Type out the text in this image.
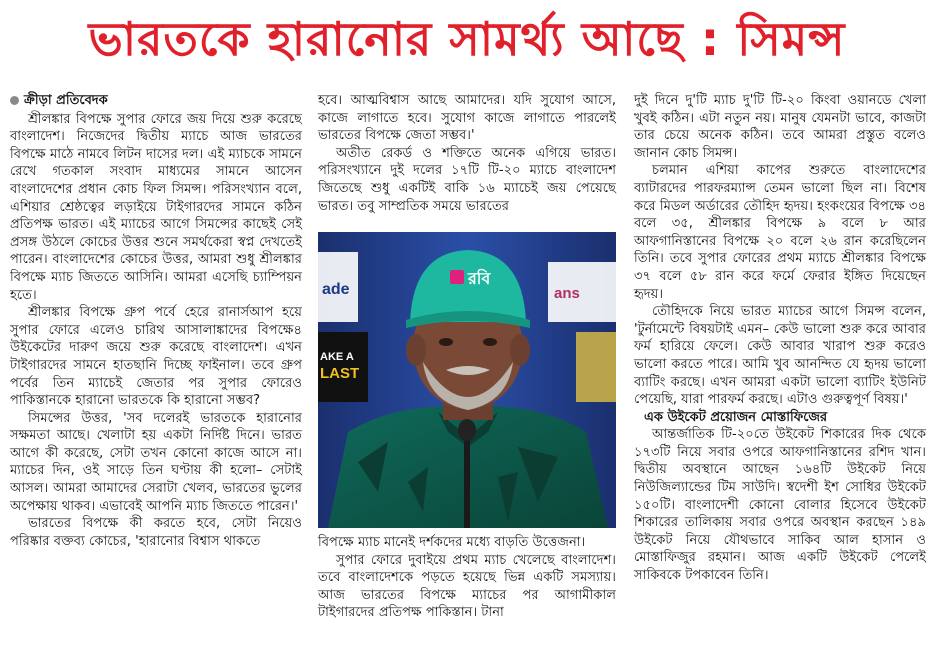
ভারতকে হারানোর সামর্থ্য আছে : সিমন্স
ক্রীড়া প্রতিবেদক

শ্রীলঙ্কার বিপক্ষে সুপার ফোরে জয় দিয়ে শুরু করেছে বাংলাদেশ। নিজেদের দ্বিতীয় ম্যাচে আজ ভারতের বিপক্ষে মাঠে নামবে লিটন দাসের দল। এই ম্যাচকে সামনে রেখে গতকাল সংবাদ মাধ্যমের সামনে আসেন বাংলাদেশের প্রধান কোচ ফিল সিমন্স। পরিসংখ্যান বলে, এশিয়ার শ্রেষ্ঠত্বের লড়াইয়ে টাইগারদের সামনে কঠিন প্রতিপক্ষ ভারত। এই ম্যাচের আগে সিমন্সের কাছেই সেই প্রসঙ্গ উঠলে কোচের উত্তর শুনে সমর্থকেরা স্বপ্ন দেখতেই পারেন। বাংলাদেশের কোচের উত্তর, আমরা শুধু শ্রীলঙ্কার বিপক্ষে ম্যাচ জিততে আসিনি। আমরা এসেছি চ্যাম্পিয়ন হতে।

শ্রীলঙ্কার বিপক্ষে গ্রুপ পর্বে হেরে রানার্সআপ হয়ে সুপার ফোরে এলেও চারিথ আসালাঙ্কাদের বিপক্ষে৪ উইকেটের দারুণ জয়ে শুরু করেছে বাংলাদেশ। এখন টাইগারদের সামনে হাতছানি দিচ্ছে ফাইনাল। তবে গ্রুপ পর্বের তিন ম্যাচেই জেতার পর সুপার ফোরেও পাকিস্তানকে হারানো ভারতকে কি হারানো সম্ভব?

সিমন্সের উত্তর, 'সব দলেরই ভারতকে হারানোর সক্ষমতা আছে। খেলাটা হয় একটা নির্দিষ্ট দিনে। ভারত আগে কী করেছে, সেটা তখন কোনো কাজে আসে না। ম্যাচের দিন, ওই সাড়ে তিন ঘণ্টায় কী হলো– সেটাই আসল। আমরা আমাদের সেরাটা খেলব, ভারতের ভুলের অপেক্ষায় থাকব। এভাবেই আপনি ম্যাচ জিততে পারেন।'

ভারতের বিপক্ষে কী করতে হবে, সেটা নিয়েও পরিষ্কার বক্তব্য কোচের, 'হারানোর বিশ্বাস থাকতে

হবে। আত্মবিশ্বাস আছে আমাদের। যদি সুযোগ আসে, কাজে লাগাতে হবে। সুযোগ কাজে লাগাতে পারলেই ভারতের বিপক্ষে জেতা সম্ভব।'

অতীত রেকর্ড ও শক্তিতে অনেক এগিয়ে ভারত। পরিসংখ্যানে দুই দলের ১৭টি টি-২০ ম্যাচে বাংলাদেশ জিতেছে শুধু একটিই বাকি ১৬ ম্যাচেই জয় পেয়েছে ভারত। তবু সাম্প্রতিক সময়ে ভারতের

ade
AKE A
LAST
ans
রবি

বিপক্ষে ম্যাচ মানেই দর্শকদের মধ্যে বাড়তি উত্তেজনা।

সুপার ফোরে দুবাইয়ে প্রথম ম্যাচ খেলেছে বাংলাদেশ। তবে বাংলাদেশকে পড়তে হয়েছে ভিন্ন একটি সমস্যায়। আজ ভারতের বিপক্ষে ম্যাচের পর আগামীকাল টাইগারদের প্রতিপক্ষ পাকিস্তান। টানা

দুই দিনে দু'টি ম্যাচ দু'টি টি-২০ কিংবা ওয়ানডে খেলা খুবই কঠিন। এটা নতুন নয়। মানুষ যেমনটা ভাবে, কাজটা তার চেয়ে অনেক কঠিন। তবে আমরা প্রস্তুত বলেও জানান কোচ সিমন্স।

চলমান এশিয়া কাপের শুরুতে বাংলাদেশের ব্যাটারদের পারফরম্যান্স তেমন ভালো ছিল না। বিশেষ করে মিডল অর্ডারের তৌহিদ হৃদয়। হংকংয়ের বিপক্ষে ৩৪ বলে ৩৫, শ্রীলঙ্কার বিপক্ষে ৯ বলে ৮ আর আফগানিস্তানের বিপক্ষে ২০ বলে ২৬ রান করেছিলেন তিনি। তবে সুপার ফোরের প্রথম ম্যাচে শ্রীলঙ্কার বিপক্ষে ৩৭ বলে ৫৮ রান করে ফর্মে ফেরার ইঙ্গিত দিয়েছেন হৃদয়।

তৌহিদকে নিয়ে ভারত ম্যাচের আগে সিমন্স বলেন, 'টুর্নামেন্টে বিষয়টাই এমন– কেউ ভালো শুরু করে আবার ফর্ম হারিয়ে ফেলে। কেউ আবার খারাপ শুরু করেও ভালো করতে পারে। আমি খুব আনন্দিত যে হৃদয় ভালো ব্যাটিং করছে। এখন আমরা একটা ভালো ব্যাটিং ইউনিট পেয়েছি, যারা পারফর্ম করছে। এটাও গুরুত্বপূর্ণ বিষয়।'

এক উইকেট প্রয়োজন মোস্তাফিজের

আন্তর্জাতিক টি-২০তে উইকেট শিকারের দিক থেকে ১৭৩টি নিয়ে সবার ওপরে আফগানিস্তানের রশিদ খান। দ্বিতীয় অবস্থানে আছেন ১৬৪টি উইকেট নিয়ে নিউজিল্যান্ডের টিম সাউদি। স্বদেশী ইশ সোধির উইকেট ১৫০টি। বাংলাদেশী কোনো বোলার হিসেবে উইকেট শিকারের তালিকায় সবার ওপরে অবস্থান করছেন ১৪৯ উইকেট নিয়ে যৌথভাবে সাকিব আল হাসান ও মোস্তাফিজুর রহমান। আজ একটি উইকেট পেলেই সাকিবকে টপকাবেন তিনি।
